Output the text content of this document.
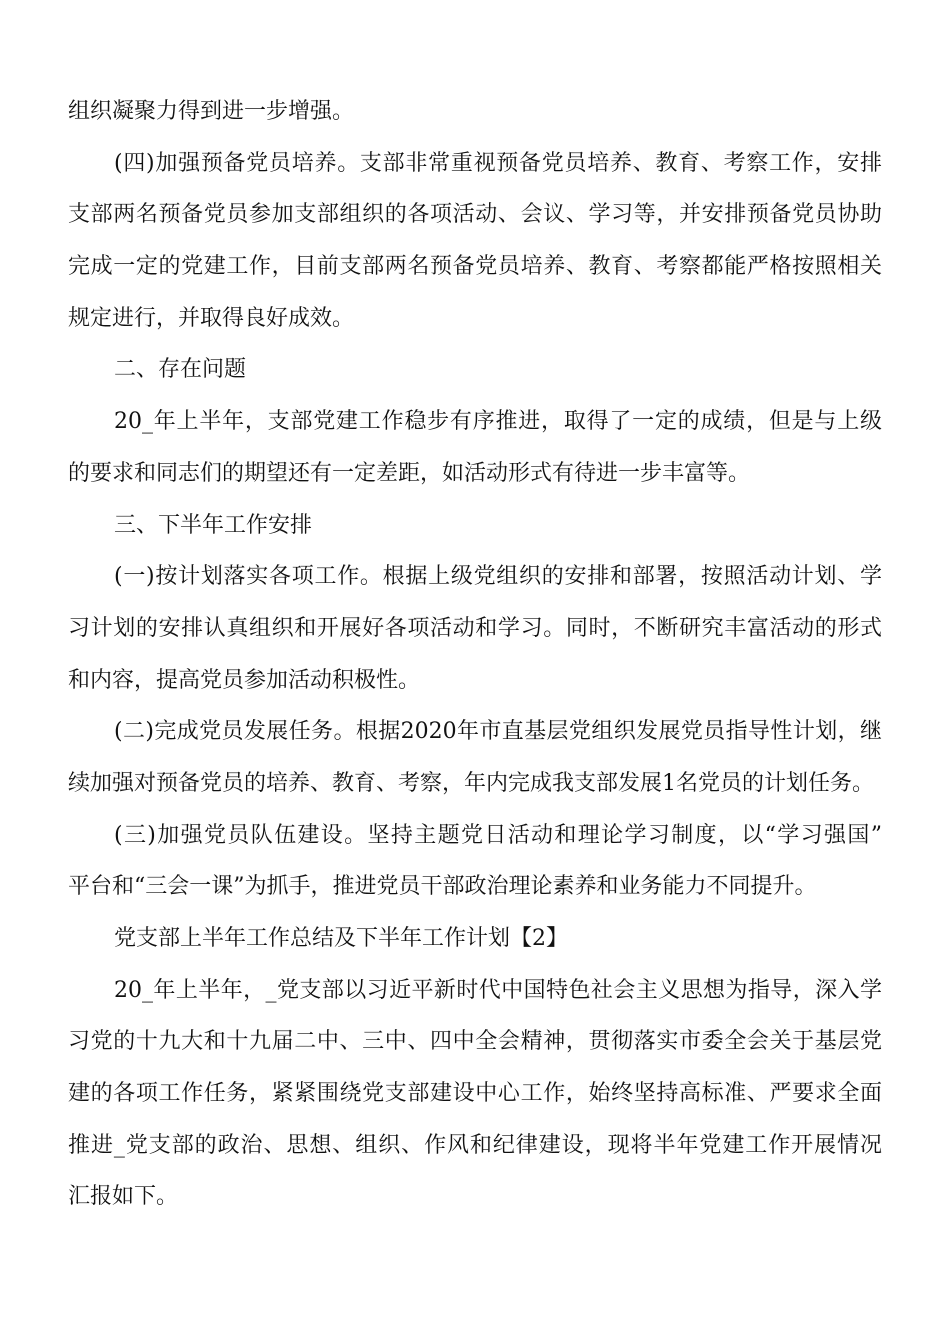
组织凝聚力得到进一步增强。
(四)加强预备党员培养。支部非常重视预备党员培养、教育、考察工作，安排
支部两名预备党员参加支部组织的各项活动、会议、学习等，并安排预备党员协助
完成一定的党建工作，目前支部两名预备党员培养、教育、考察都能严格按照相关
规定进行，并取得良好成效。
二、存在问题
20_年上半年，支部党建工作稳步有序推进，取得了一定的成绩，但是与上级
的要求和同志们的期望还有一定差距，如活动形式有待进一步丰富等。
三、下半年工作安排
(一)按计划落实各项工作。根据上级党组织的安排和部署，按照活动计划、学
习计划的安排认真组织和开展好各项活动和学习。同时，不断研究丰富活动的形式
和内容，提高党员参加活动积极性。
(二)完成党员发展任务。根据2020年市直基层党组织发展党员指导性计划，继
续加强对预备党员的培养、教育、考察，年内完成我支部发展1名党员的计划任务。
(三)加强党员队伍建设。坚持主题党日活动和理论学习制度，以“学习强国”
平台和“三会一课”为抓手，推进党员干部政治理论素养和业务能力不同提升。
党支部上半年工作总结及下半年工作计划【2】
20_年上半年，_党支部以习近平新时代中国特色社会主义思想为指导，深入学
习党的十九大和十九届二中、三中、四中全会精神，贯彻落实市委全会关于基层党
建的各项工作任务，紧紧围绕党支部建设中心工作，始终坚持高标准、严要求全面
推进_党支部的政治、思想、组织、作风和纪律建设，现将半年党建工作开展情况
汇报如下。
